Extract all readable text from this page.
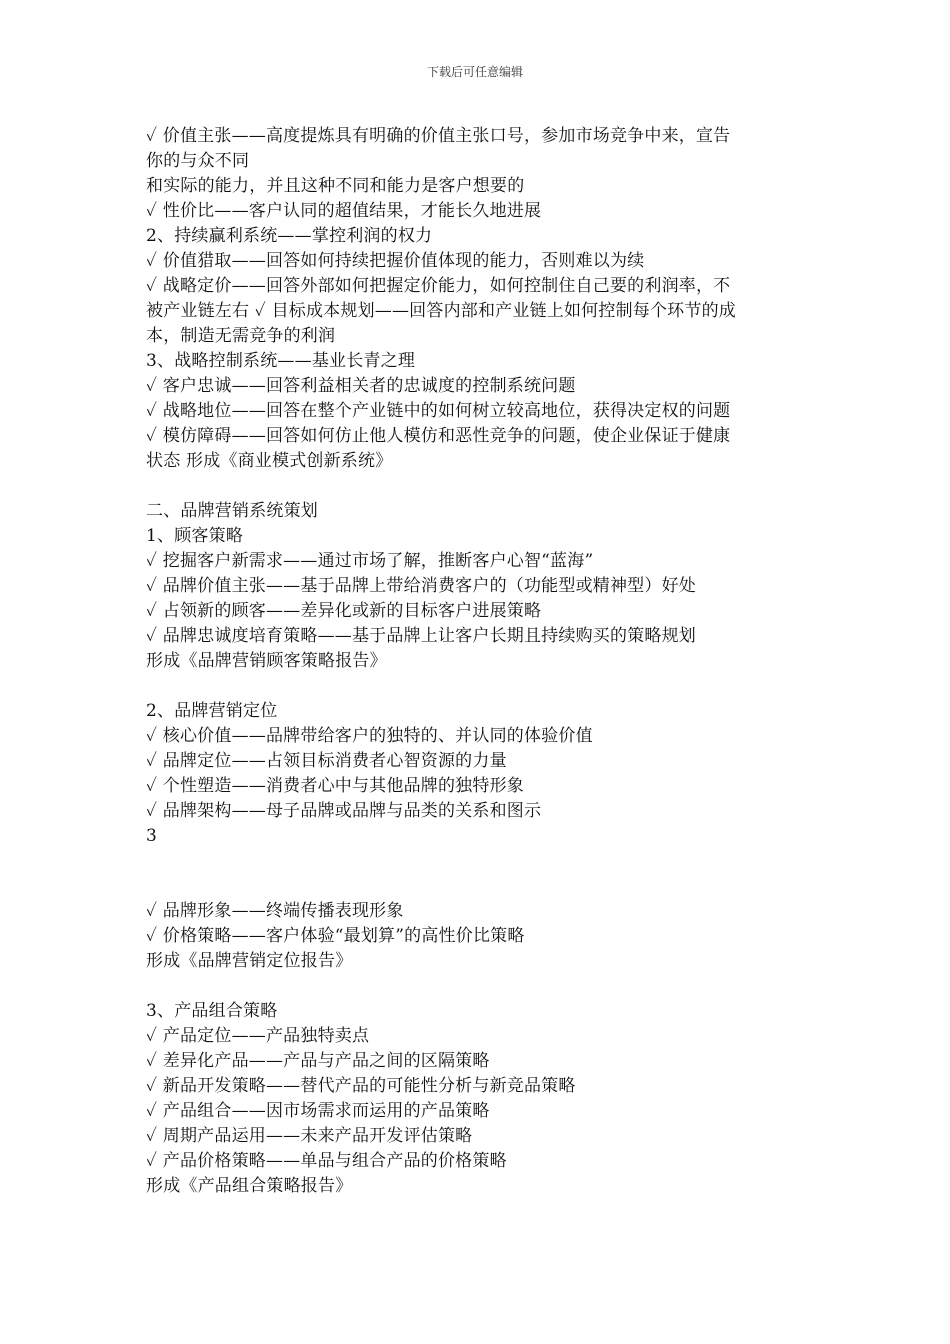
下载后可任意编辑
✓ 价值主张——高度提炼具有明确的价值主张口号，参加市场竞争中来，宣告
你的与众不同
和实际的能力，并且这种不同和能力是客户想要的
✓ 性价比——客户认同的超值结果，才能长久地进展
2、持续赢利系统——掌控利润的权力
✓ 价值猎取——回答如何持续把握价值体现的能力，否则难以为续
✓ 战略定价——回答外部如何把握定价能力，如何控制住自己要的利润率，不
被产业链左右 ✓ 目标成本规划——回答内部和产业链上如何控制每个环节的成
本，制造无需竞争的利润
3、战略控制系统——基业长青之理
✓ 客户忠诚——回答利益相关者的忠诚度的控制系统问题
✓ 战略地位——回答在整个产业链中的如何树立较高地位，获得决定权的问题
✓ 模仿障碍——回答如何仿止他人模仿和恶性竞争的问题，使企业保证于健康
状态 形成《商业模式创新系统》
二、品牌营销系统策划
1、顾客策略
✓ 挖掘客户新需求——通过市场了解，推断客户心智“蓝海”
✓ 品牌价值主张——基于品牌上带给消费客户的（功能型或精神型）好处
✓ 占领新的顾客——差异化或新的目标客户进展策略
✓ 品牌忠诚度培育策略——基于品牌上让客户长期且持续购买的策略规划
形成《品牌营销顾客策略报告》
2、品牌营销定位
✓ 核心价值——品牌带给客户的独特的、并认同的体验价值
✓ 品牌定位——占领目标消费者心智资源的力量
✓ 个性塑造——消费者心中与其他品牌的独特形象
✓ 品牌架构——母子品牌或品牌与品类的关系和图示
3
✓ 品牌形象——终端传播表现形象
✓ 价格策略——客户体验“最划算”的高性价比策略
形成《品牌营销定位报告》
3、产品组合策略
✓ 产品定位——产品独特卖点
✓ 差异化产品——产品与产品之间的区隔策略
✓ 新品开发策略——替代产品的可能性分析与新竞品策略
✓ 产品组合——因市场需求而运用的产品策略
✓ 周期产品运用——未来产品开发评估策略
✓ 产品价格策略——单品与组合产品的价格策略
形成《产品组合策略报告》
